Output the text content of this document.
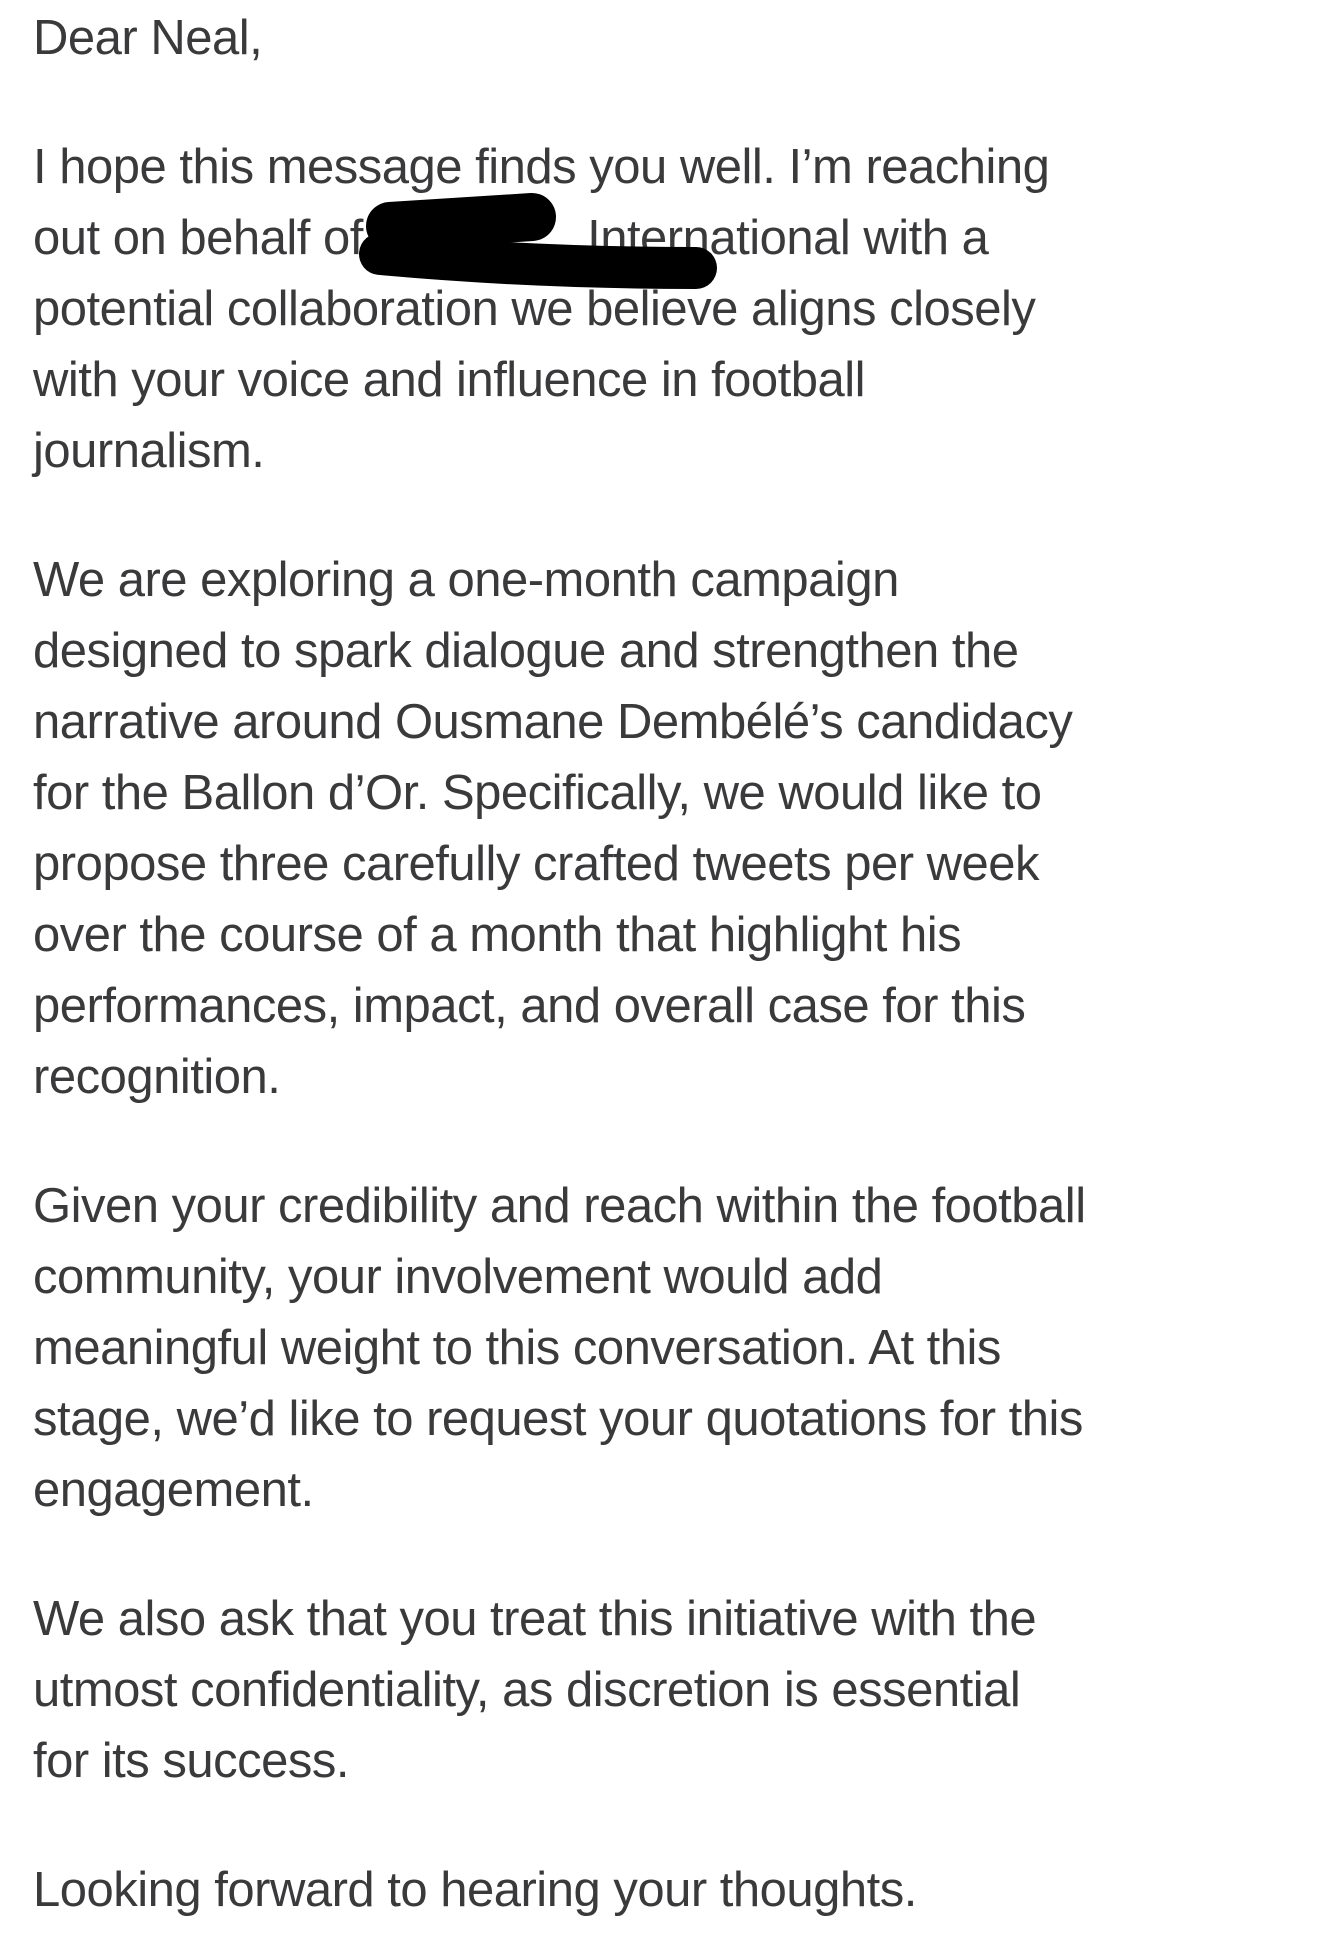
Dear Neal,

I hope this message finds you well. I’m reaching
out on behalf of	International with a
potential collaboration we believe aligns closely
with your voice and influence in football
journalism.

We are exploring a one-month campaign
designed to spark dialogue and strengthen the
narrative around Ousmane Dembélé’s candidacy
for the Ballon d’Or. Specifically, we would like to
propose three carefully crafted tweets per week
over the course of a month that highlight his
performances, impact, and overall case for this
recognition.

Given your credibility and reach within the football
community, your involvement would add
meaningful weight to this conversation. At this
stage, we’d like to request your quotations for this
engagement.

We also ask that you treat this initiative with the
utmost confidentiality, as discretion is essential
for its success.

Looking forward to hearing your thoughts.
